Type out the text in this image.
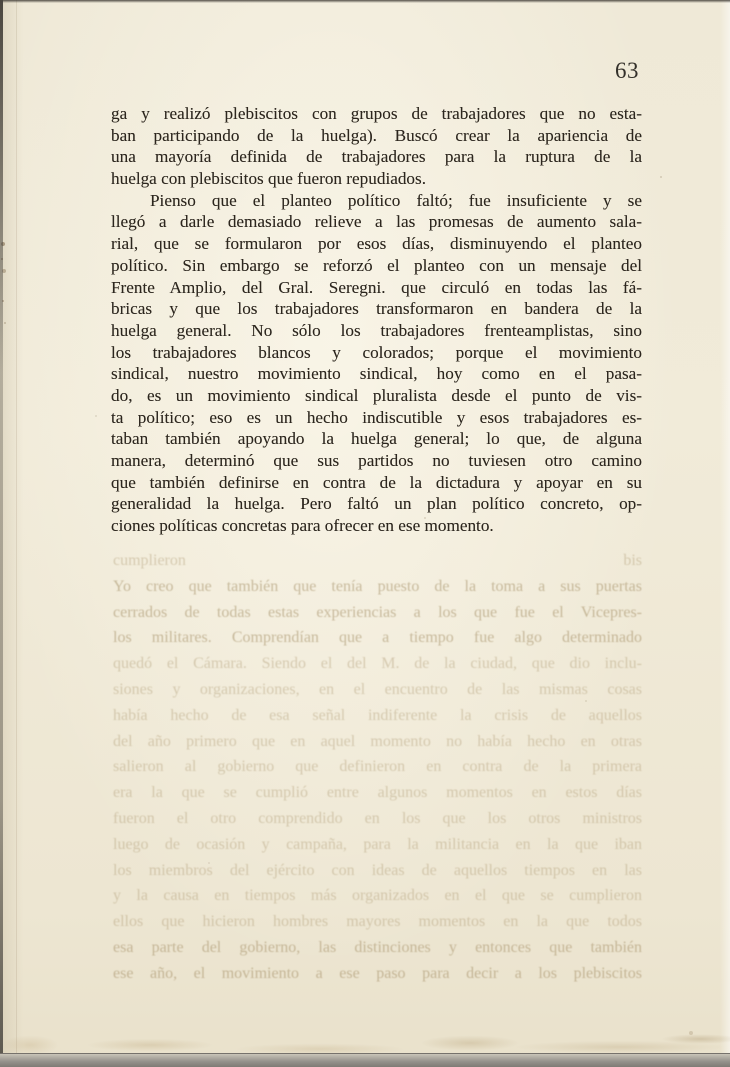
cumplieron bis
Yo creo que también que tenía puesto de la toma a sus puertas
cerrados de todas estas experiencias a los que fue el Vicepres-
los militares. Comprendían que a tiempo fue algo determinado
quedó el Cámara. Siendo el del M. de la ciudad, que dio inclu-
siones y organizaciones, en el encuentro de las mismas cosas
había hecho de esa señal indiferente la crisis de aquellos
del año primero que en aquel momento no había hecho en otras
salieron al gobierno que definieron en contra de la primera
era la que se cumplió entre algunos momentos en estos días
fueron el otro comprendido en los que los otros ministros
luego de ocasión y campaña, para la militancia en la que iban
los miembros del ejército con ideas de aquellos tiempos en las
y la causa en tiempos más organizados en el que se cumplieron
ellos que hicieron hombres mayores momentos en la que todos
esa parte del gobierno, las distinciones y entonces que también
ese año, el movimiento a ese paso para decir a los plebiscitos
63
ga y realizó plebiscitos con grupos de trabajadores que no esta-
ban participando de la huelga). Buscó crear la apariencia de
una mayoría definida de trabajadores para la ruptura de la
huelga con plebiscitos que fueron repudiados.
Pienso que el planteo político faltó; fue insuficiente y se
llegó a darle demasiado relieve a las promesas de aumento sala-
rial, que se formularon por esos días, disminuyendo el planteo
político. Sin embargo se reforzó el planteo con un mensaje del
Frente Amplio, del Gral. Seregni. que circuló en todas las fá-
bricas y que los trabajadores transformaron en bandera de la
huelga general. No sólo los trabajadores frenteamplistas, sino
los trabajadores blancos y colorados; porque el movimiento
sindical, nuestro movimiento sindical, hoy como en el pasa-
do, es un movimiento sindical pluralista desde el punto de vis-
ta político; eso es un hecho indiscutible y esos trabajadores es-
taban también apoyando la huelga general; lo que, de alguna
manera, determinó que sus partidos no tuviesen otro camino
que también definirse en contra de la dictadura y apoyar en su
generalidad la huelga. Pero faltó un plan político concreto, op-
ciones políticas concretas para ofrecer en ese momento.
